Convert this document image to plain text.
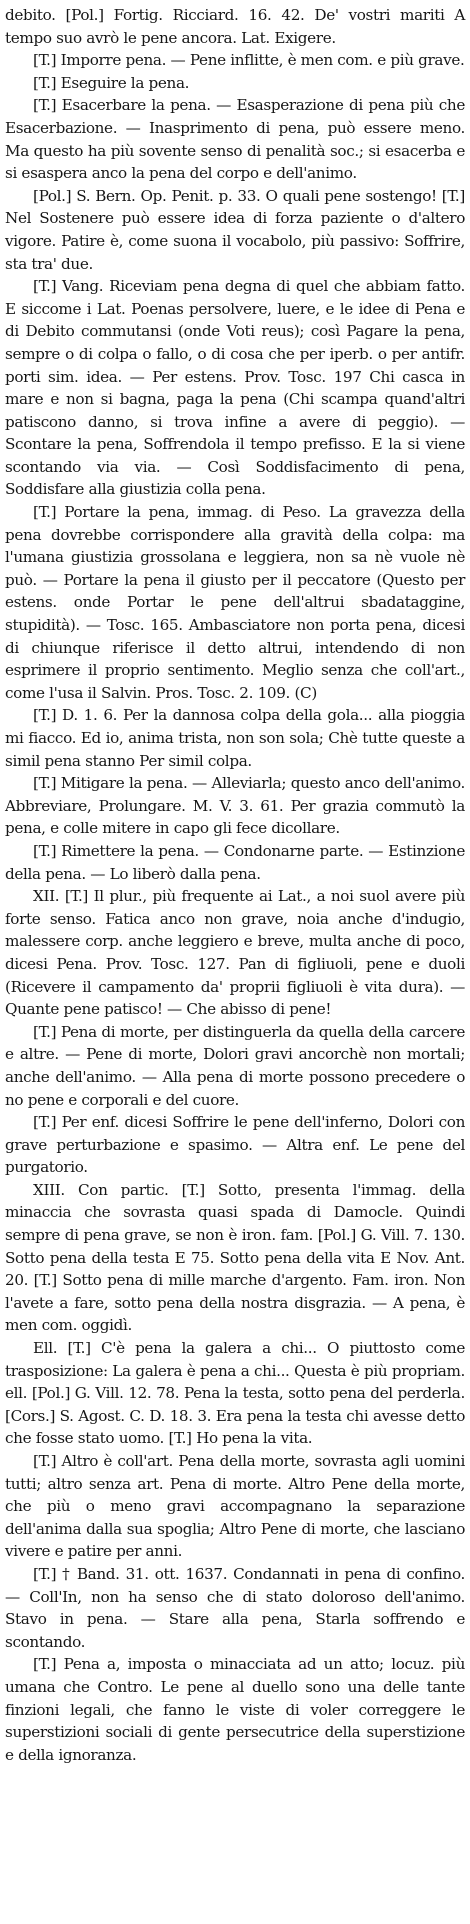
debito. [Pol.] Fortig. Ricciard. 16. 42. De' vostri mariti A tempo suo avrò le pene ancora. Lat. Exigere.

[T.] Imporre pena. — Pene inflitte, è men com. e più grave.

[T.] Eseguire la pena.

[T.] Esacerbare la pena. — Esasperazione di pena più che Esacerbazione. — Inasprimento di pena, può essere meno. Ma questo ha più sovente senso di penalità soc.; si esacerba e si esaspera anco la pena del corpo e dell'animo.

[Pol.] S. Bern. Op. Penit. p. 33. O quali pene sostengo! [T.] Nel Sostenere può essere idea di forza paziente o d'altero vigore. Patire è, come suona il vocabolo, più passivo: Soffrire, sta tra' due.

[T.] Vang. Riceviam pena degna di quel che abbiam fatto. E siccome i Lat. Poenas persolvere, luere, e le idee di Pena e di Debito commutansi (onde Voti reus); così Pagare la pena, sempre o di colpa o fallo, o di cosa che per iperb. o per antifr. porti sim. idea. — Per estens. Prov. Tosc. 197 Chi casca in mare e non si bagna, paga la pena (Chi scampa quand'altri patiscono danno, si trova infine a avere di peggio). — Scontare la pena, Soffrendola il tempo prefisso. E la si viene scontando via via. — Così Soddisfacimento di pena, Soddisfare alla giustizia colla pena.

[T.] Portare la pena, immag. di Peso. La gravezza della pena dovrebbe corrispondere alla gravità della colpa: ma l'umana giustizia grossolana e leggiera, non sa nè vuole nè può. — Portare la pena il giusto per il peccatore (Questo per estens. onde Portar le pene dell'altrui sbadataggine, stupidità). — Tosc. 165. Ambasciatore non porta pena, dicesi di chiunque riferisce il detto altrui, intendendo di non esprimere il proprio sentimento. Meglio senza che coll'art., come l'usa il Salvin. Pros. Tosc. 2. 109. (C)

[T.] D. 1. 6. Per la dannosa colpa della gola... alla pioggia mi fiacco. Ed io, anima trista, non son sola; Chè tutte queste a simil pena stanno Per simil colpa.

[T.] Mitigare la pena. — Alleviarla; questo anco dell'animo. Abbreviare, Prolungare. M. V. 3. 61. Per grazia commutò la pena, e colle mitere in capo gli fece dicollare.

[T.] Rimettere la pena. — Condonarne parte. — Estinzione della pena. — Lo liberò dalla pena.

XII. [T.] Il plur., più frequente ai Lat., a noi suol avere più forte senso. Fatica anco non grave, noia anche d'indugio, malessere corp. anche leggiero e breve, multa anche di poco, dicesi Pena. Prov. Tosc. 127. Pan di figliuoli, pene e duoli (Ricevere il campamento da' proprii figliuoli è vita dura). — Quante pene patisco! — Che abisso di pene!

[T.] Pena di morte, per distinguerla da quella della carcere e altre. — Pene di morte, Dolori gravi ancorchè non mortali; anche dell'animo. — Alla pena di morte possono precedere o no pene e corporali e del cuore.

[T.] Per enf. dicesi Soffrire le pene dell'inferno, Dolori con grave perturbazione e spasimo. — Altra enf. Le pene del purgatorio.

XIII. Con partic. [T.] Sotto, presenta l'immag. della minaccia che sovrasta quasi spada di Damocle. Quindi sempre di pena grave, se non è iron. fam. [Pol.] G. Vill. 7. 130. Sotto pena della testa E 75. Sotto pena della vita E Nov. Ant. 20. [T.] Sotto pena di mille marche d'argento. Fam. iron. Non l'avete a fare, sotto pena della nostra disgrazia. — A pena, è men com. oggidì.

Ell. [T.] C'è pena la galera a chi... O piuttosto come trasposizione: La galera è pena a chi... Questa è più propriam. ell. [Pol.] G. Vill. 12. 78. Pena la testa, sotto pena del perderla. [Cors.] S. Agost. C. D. 18. 3. Era pena la testa chi avesse detto che fosse stato uomo. [T.] Ho pena la vita.

[T.] Altro è coll'art. Pena della morte, sovrasta agli uomini tutti; altro senza art. Pena di morte. Altro Pene della morte, che più o meno gravi accompagnano la separazione dell'anima dalla sua spoglia; Altro Pene di morte, che lasciano vivere e patire per anni.

[T.] † Band. 31. ott. 1637. Condannati in pena di confino. — Coll'In, non ha senso che di stato doloroso dell'animo. Stavo in pena. — Stare alla pena, Starla soffrendo e scontando.

[T.] Pena a, imposta o minacciata ad un atto; locuz. più umana che Contro. Le pene al duello sono una delle tante finzioni legali, che fanno le viste di voler correggere le superstizioni sociali di gente persecutrice della superstizione e della ignoranza.
